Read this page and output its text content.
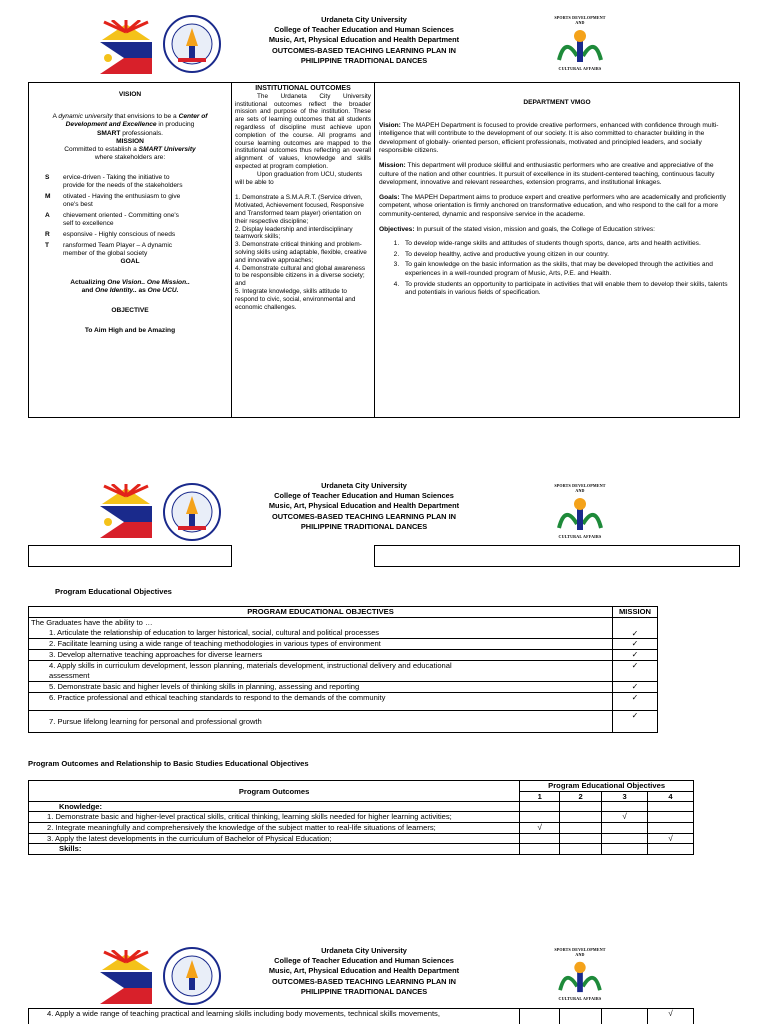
Urdaneta City University
College of Teacher Education and Human Sciences
Music, Art, Physical Education and Health Department
OUTCOMES-BASED TEACHING LEARNING PLAN IN
PHILIPPINE TRADITIONAL DANCES
SPORTS DEVELOPMENT
AND
CULTURAL AFFAIRS
VISION
A dynamic university that envisions to be a Center of Development and Excellence in producing
SMART professionals.
MISSION
Committed to establish a SMART University
where stakeholders are:
S	ervice-driven - Taking the initiative to provide for the needs of the stakeholders
M	otivated - Having the enthusiasm to give one's best
A	chievement oriented - Committing one's self to excellence
R	esponsive - Highly conscious of needs
T	ransformed Team Player – A dynamic member of the global society
GOAL
Actualizing One Vision.. One Mission..
and One Identity.. as One UCU.
OBJECTIVE
To Aim High and be Amazing
INSTITUTIONAL OUTCOMES
The Urdaneta City University institutional outcomes reflect the broader mission and purpose of the institution. These are sets of learning outcomes that all students regardless of discipline must achieve upon completion of the course. All programs and course learning outcomes are mapped to the institutional outcomes thus reflecting an overall alignment of values, knowledge and skills expected at program completion.
Upon graduation from UCU, students will be able to
1. Demonstrate a S.M.A.R.T. (Service driven, Motivated, Achievement focused, Responsive and Transformed team player) orientation on their respective discipline;
2. Display leadership and interdisciplinary teamwork skills;
3. Demonstrate critical thinking and problem-solving skills using adaptable, flexible, creative and innovative approaches;
4. Demonstrate cultural and global awareness to be responsible citizens in a diverse society; and
5. Integrate knowledge, skills attitude to respond to civic, social, environmental and economic challenges.
DEPARTMENT VMGO

Vision: The MAPEH Department is focused to provide creative performers, enhanced with confidence through multi-intelligence that will contribute to the development of our society. It is also committed to character building in the development of globally- oriented person, efficient professionals, motivated and principled leaders, and socially responsible citizens.

Mission: This department will produce skillful and enthusiastic performers who are creative and appreciative of the culture of the nation and other countries. It pursuit of excellence in its student-centered teaching, continuous faculty development, innovative and relevant researches, extension programs, and institutional linkages.

Goals: The MAPEH Department aims to produce expert and creative performers who are academically and proficiently competent, whose orientation is firmly anchored on transformative education, and who respond to the call for a more community-centered, dynamic and responsive service in the academe.

Objectives: In pursuit of the stated vision, mission and goals, the College of Education strives:

1. To develop wide-range skills and attitudes of students though sports, dance, arts and health activities.
2. To develop healthy, active and productive young citizen in our country.
3. To gain knowledge on the basic information as the skills, that may be developed through the activities and experiences in a well-rounded program of Music, Arts, P.E. and Health.
4. To provide students an opportunity to participate in activities that will enable them to develop their skills, talents and potentials in various fields of specification.
Urdaneta City University
College of Teacher Education and Human Sciences
Music, Art, Physical Education and Health Department
OUTCOMES-BASED TEACHING LEARNING PLAN IN
PHILIPPINE TRADITIONAL DANCES
SPORTS DEVELOPMENT
AND
CULTURAL AFFAIRS
Program Educational Objectives
PROGRAM EDUCATIONAL OBJECTIVES	MISSION

The Graduates have the ability to …
1. Articulate the relationship of education to larger historical, social, cultural and political processes	✓
2. Facilitate learning using a wide range of teaching methodologies in various types of environment	✓
3. Develop alternative teaching approaches for diverse learners	✓
4. Apply skills in curriculum development, lesson planning, materials development, instructional delivery and educational assessment	✓
5. Demonstrate basic and higher levels of thinking skills in planning, assessing and reporting	✓
6. Practice professional and ethical teaching standards to respond to the demands of the community	✓
7. Pursue lifelong learning for personal and professional growth	✓
Program Outcomes and Relationship to Basic Studies Educational Objectives
Program Outcomes	Program Educational Objectives			
	1	2	3	4
Knowledge:				
1. Demonstrate basic and higher-level practical skills, critical thinking, learning skills needed for higher learning activities;			√	
2. Integrate meaningfully and comprehensively the knowledge of the subject matter to real-life situations of learners;	√			
3. Apply the latest developments in the curriculum of Bachelor of Physical Education;				√
Skills:				
Urdaneta City University
College of Teacher Education and Human Sciences
Music, Art, Physical Education and Health Department
OUTCOMES-BASED TEACHING LEARNING PLAN IN
PHILIPPINE TRADITIONAL DANCES
SPORTS DEVELOPMENT
AND
CULTURAL AFFAIRS
4. Apply a wide range of teaching practical and learning skills including body movements, technical skills movements,				√
